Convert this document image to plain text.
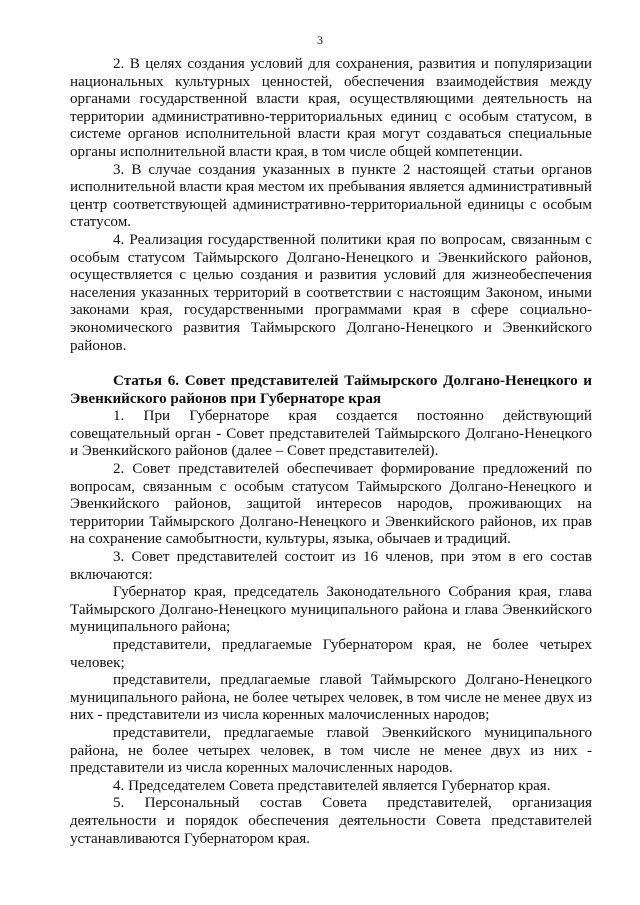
3

2. В целях создания условий для сохранения, развития и популяризации национальных культурных ценностей, обеспечения взаимодействия между органами государственной власти края, осуществляющими деятельность на территории административно-территориальных единиц с особым статусом, в системе органов исполнительной власти края могут создаваться специальные органы исполнительной власти края, в том числе общей компетенции.

3. В случае создания указанных в пункте 2 настоящей статьи органов исполнительной власти края местом их пребывания является административный центр соответствующей административно-территориальной единицы с особым статусом.

4. Реализация государственной политики края по вопросам, связанным с особым статусом Таймырского Долгано-Ненецкого и Эвенкийского районов, осуществляется с целью создания и развития условий для жизнеобеспечения населения указанных территорий в соответствии с настоящим Законом, иными законами края, государственными программами края в сфере социально-экономического развития Таймырского Долгано-Ненецкого и Эвенкийского районов.

Статья 6. Совет представителей Таймырского Долгано-Ненецкого и Эвенкийского районов при Губернаторе края

1. При Губернаторе края создается постоянно действующий совещательный орган - Совет представителей Таймырского Долгано-Ненецкого и Эвенкийского районов (далее – Совет представителей).

2. Совет представителей обеспечивает формирование предложений по вопросам, связанным с особым статусом Таймырского Долгано-Ненецкого и Эвенкийского районов, защитой интересов народов, проживающих на территории Таймырского Долгано-Ненецкого и Эвенкийского районов, их прав на сохранение самобытности, культуры, языка, обычаев и традиций.

3. Совет представителей состоит из 16 членов, при этом в его состав включаются:

Губернатор края, председатель Законодательного Собрания края, глава Таймырского Долгано-Ненецкого муниципального района и глава Эвенкийского муниципального района;

представители, предлагаемые Губернатором края, не более четырех человек;

представители, предлагаемые главой Таймырского Долгано-Ненецкого муниципального района, не более четырех человек, в том числе не менее двух из них - представители из числа коренных малочисленных народов;

представители, предлагаемые главой Эвенкийского муниципального района, не более четырех человек, в том числе не менее двух из них - представители из числа коренных малочисленных народов.

4. Председателем Совета представителей является Губернатор края.

5. Персональный состав Совета представителей, организация деятельности и порядок обеспечения деятельности Совета представителей устанавливаются Губернатором края.
